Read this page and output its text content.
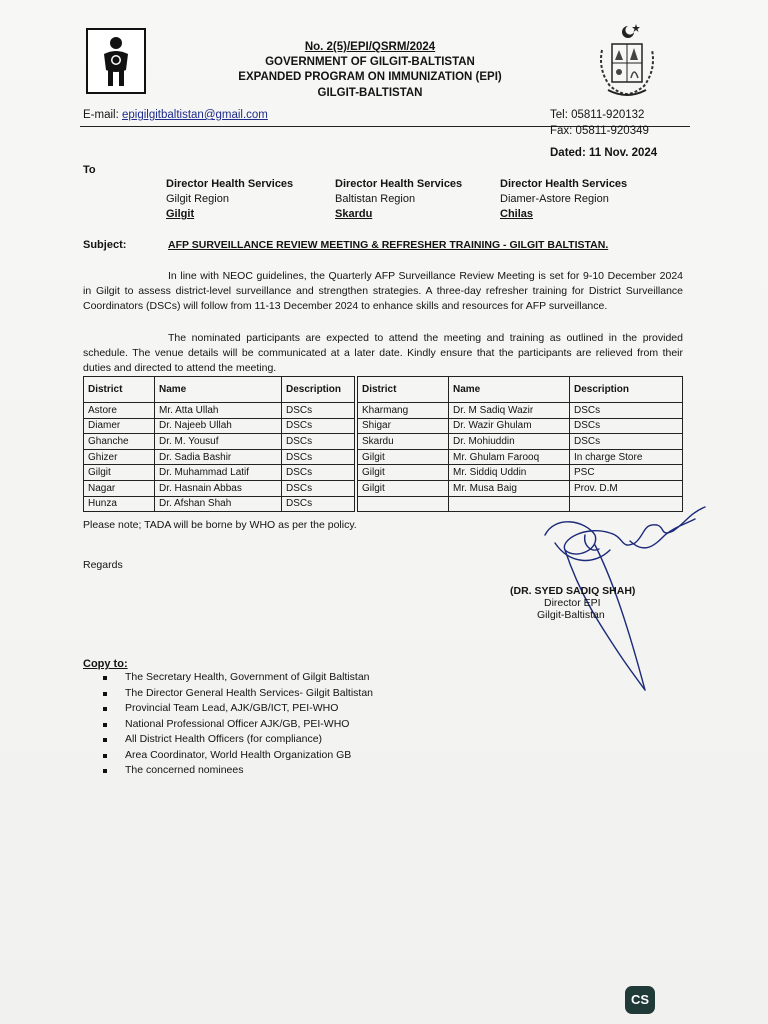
No. 2(5)/EPI/QSRM/2024
GOVERNMENT OF GILGIT-BALTISTAN
EXPANDED PROGRAM ON IMMUNIZATION (EPI)
GILGIT-BALTISTAN
E-mail: epigilgitbaltistan@gmail.com	Tel: 05811-920132
Fax: 05811-920349
Dated: 11 Nov. 2024
To
Director Health Services
Gilgit Region
Gilgit
Director Health Services
Baltistan Region
Skardu
Director Health Services
Diamer-Astore Region
Chilas
Subject:	AFP SURVEILLANCE REVIEW MEETING & REFRESHER TRAINING - GILGIT BALTISTAN.
In line with NEOC guidelines, the Quarterly AFP Surveillance Review Meeting is set for 9-10 December 2024 in Gilgit to assess district-level surveillance and strengthen strategies. A three-day refresher training for District Surveillance Coordinators (DSCs) will follow from 11-13 December 2024 to enhance skills and resources for AFP surveillance.
The nominated participants are expected to attend the meeting and training as outlined in the provided schedule. The venue details will be communicated at a later date. Kindly ensure that the participants are relieved from their duties and directed to attend the meeting.
District	Name	Description		District	Name	Description
Astore	Mr. Atta Ullah	DSCs		Kharmang	Dr. M Sadiq Wazir	DSCs
Diamer	Dr. Najeeb Ullah	DSCs		Shigar	Dr. Wazir Ghulam	DSCs
Ghanche	Dr. M. Yousuf	DSCs		Skardu	Dr. Mohiuddin	DSCs
Ghizer	Dr. Sadia Bashir	DSCs		Gilgit	Mr. Ghulam Farooq	In charge Store
Gilgit	Dr. Muhammad Latif	DSCs		Gilgit	Mr. Siddiq Uddin	PSC
Nagar	Dr. Hasnain Abbas	DSCs		Gilgit	Mr. Musa Baig	Prov. D.M
Hunza	Dr. Afshan Shah	DSCs				
Please note; TADA will be borne by WHO as per the policy.
Regards
(DR. SYED SADIQ SHAH)
Director EPI
Gilgit-Baltistan
Copy to:
The Secretary Health, Government of Gilgit Baltistan
The Director General Health Services- Gilgit Baltistan
Provincial Team Lead, AJK/GB/ICT, PEI-WHO
National Professional Officer AJK/GB, PEI-WHO
All District Health Officers (for compliance)
Area Coordinator, World Health Organization GB
The concerned nominees
CS
